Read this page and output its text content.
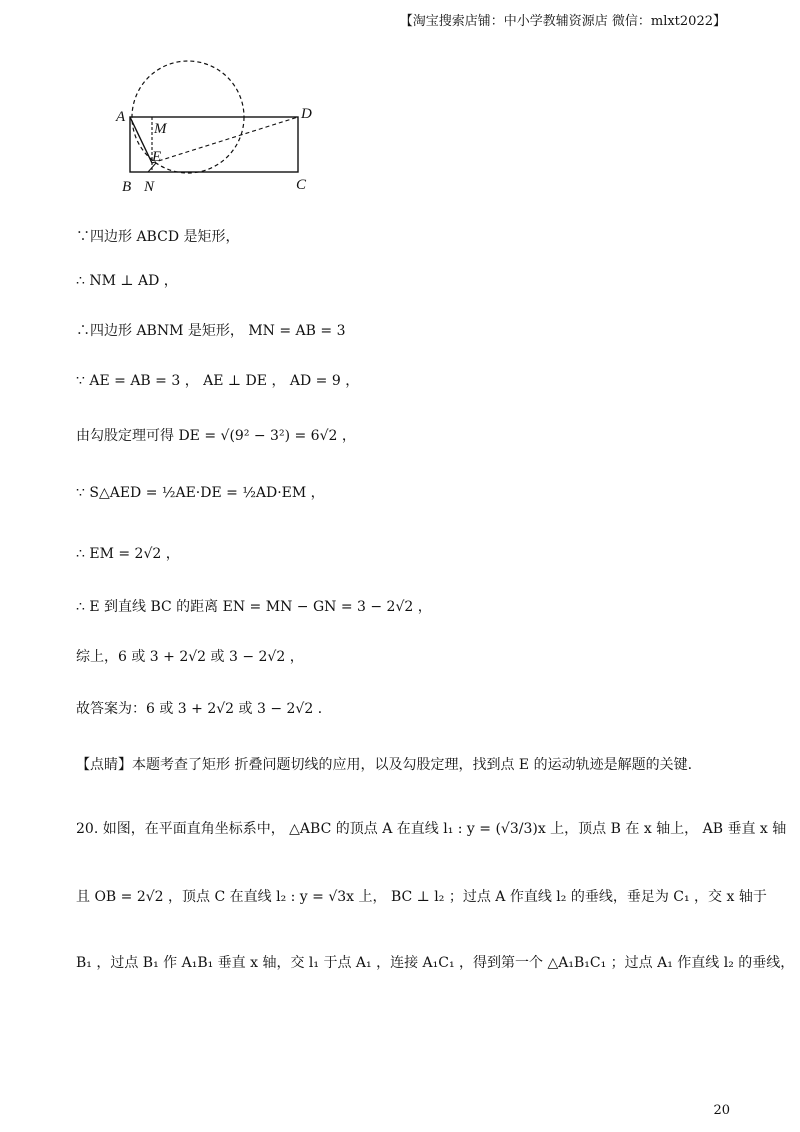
【淘宝搜索店铺：中小学教辅资源店 微信：mlxt2022】
A
M
D
E
B N	C
∵四边形 ABCD 是矩形，
∴ NM ⊥ AD ，
∴四边形 ABNM 是矩形， MN = AB = 3
∵ AE = AB = 3 ， AE ⊥ DE ， AD = 9 ，
由勾股定理可得 DE = √(9² − 3²) = 6√2 ，
∵ S△AED = ½AE·DE = ½AD·EM ，
∴ EM = 2√2 ，
∴ E 到直线 BC 的距离 EN = MN − GN = 3 − 2√2 ，
综上，6 或 3 + 2√2 或 3 − 2√2 ，
故答案为：6 或 3 + 2√2 或 3 − 2√2 ．
【点睛】本题考查了矩形 折叠问题切线的应用，以及勾股定理，找到点 E 的运动轨迹是解题的关键.
20. 如图，在平面直角坐标系中， △ABC 的顶点 A 在直线 l₁ : y = (√3/3)x 上，顶点 B 在 x 轴上， AB 垂直 x 轴
且 OB = 2√2 ，顶点 C 在直线 l₂ : y = √3x 上， BC ⊥ l₂ ；过点 A 作直线 l₂ 的垂线，垂足为 C₁ ，交 x 轴于
B₁ ，过点 B₁ 作 A₁B₁ 垂直 x 轴，交 l₁ 于点 A₁ ，连接 A₁C₁ ，得到第一个 △A₁B₁C₁ ；过点 A₁ 作直线 l₂ 的垂线，
20
